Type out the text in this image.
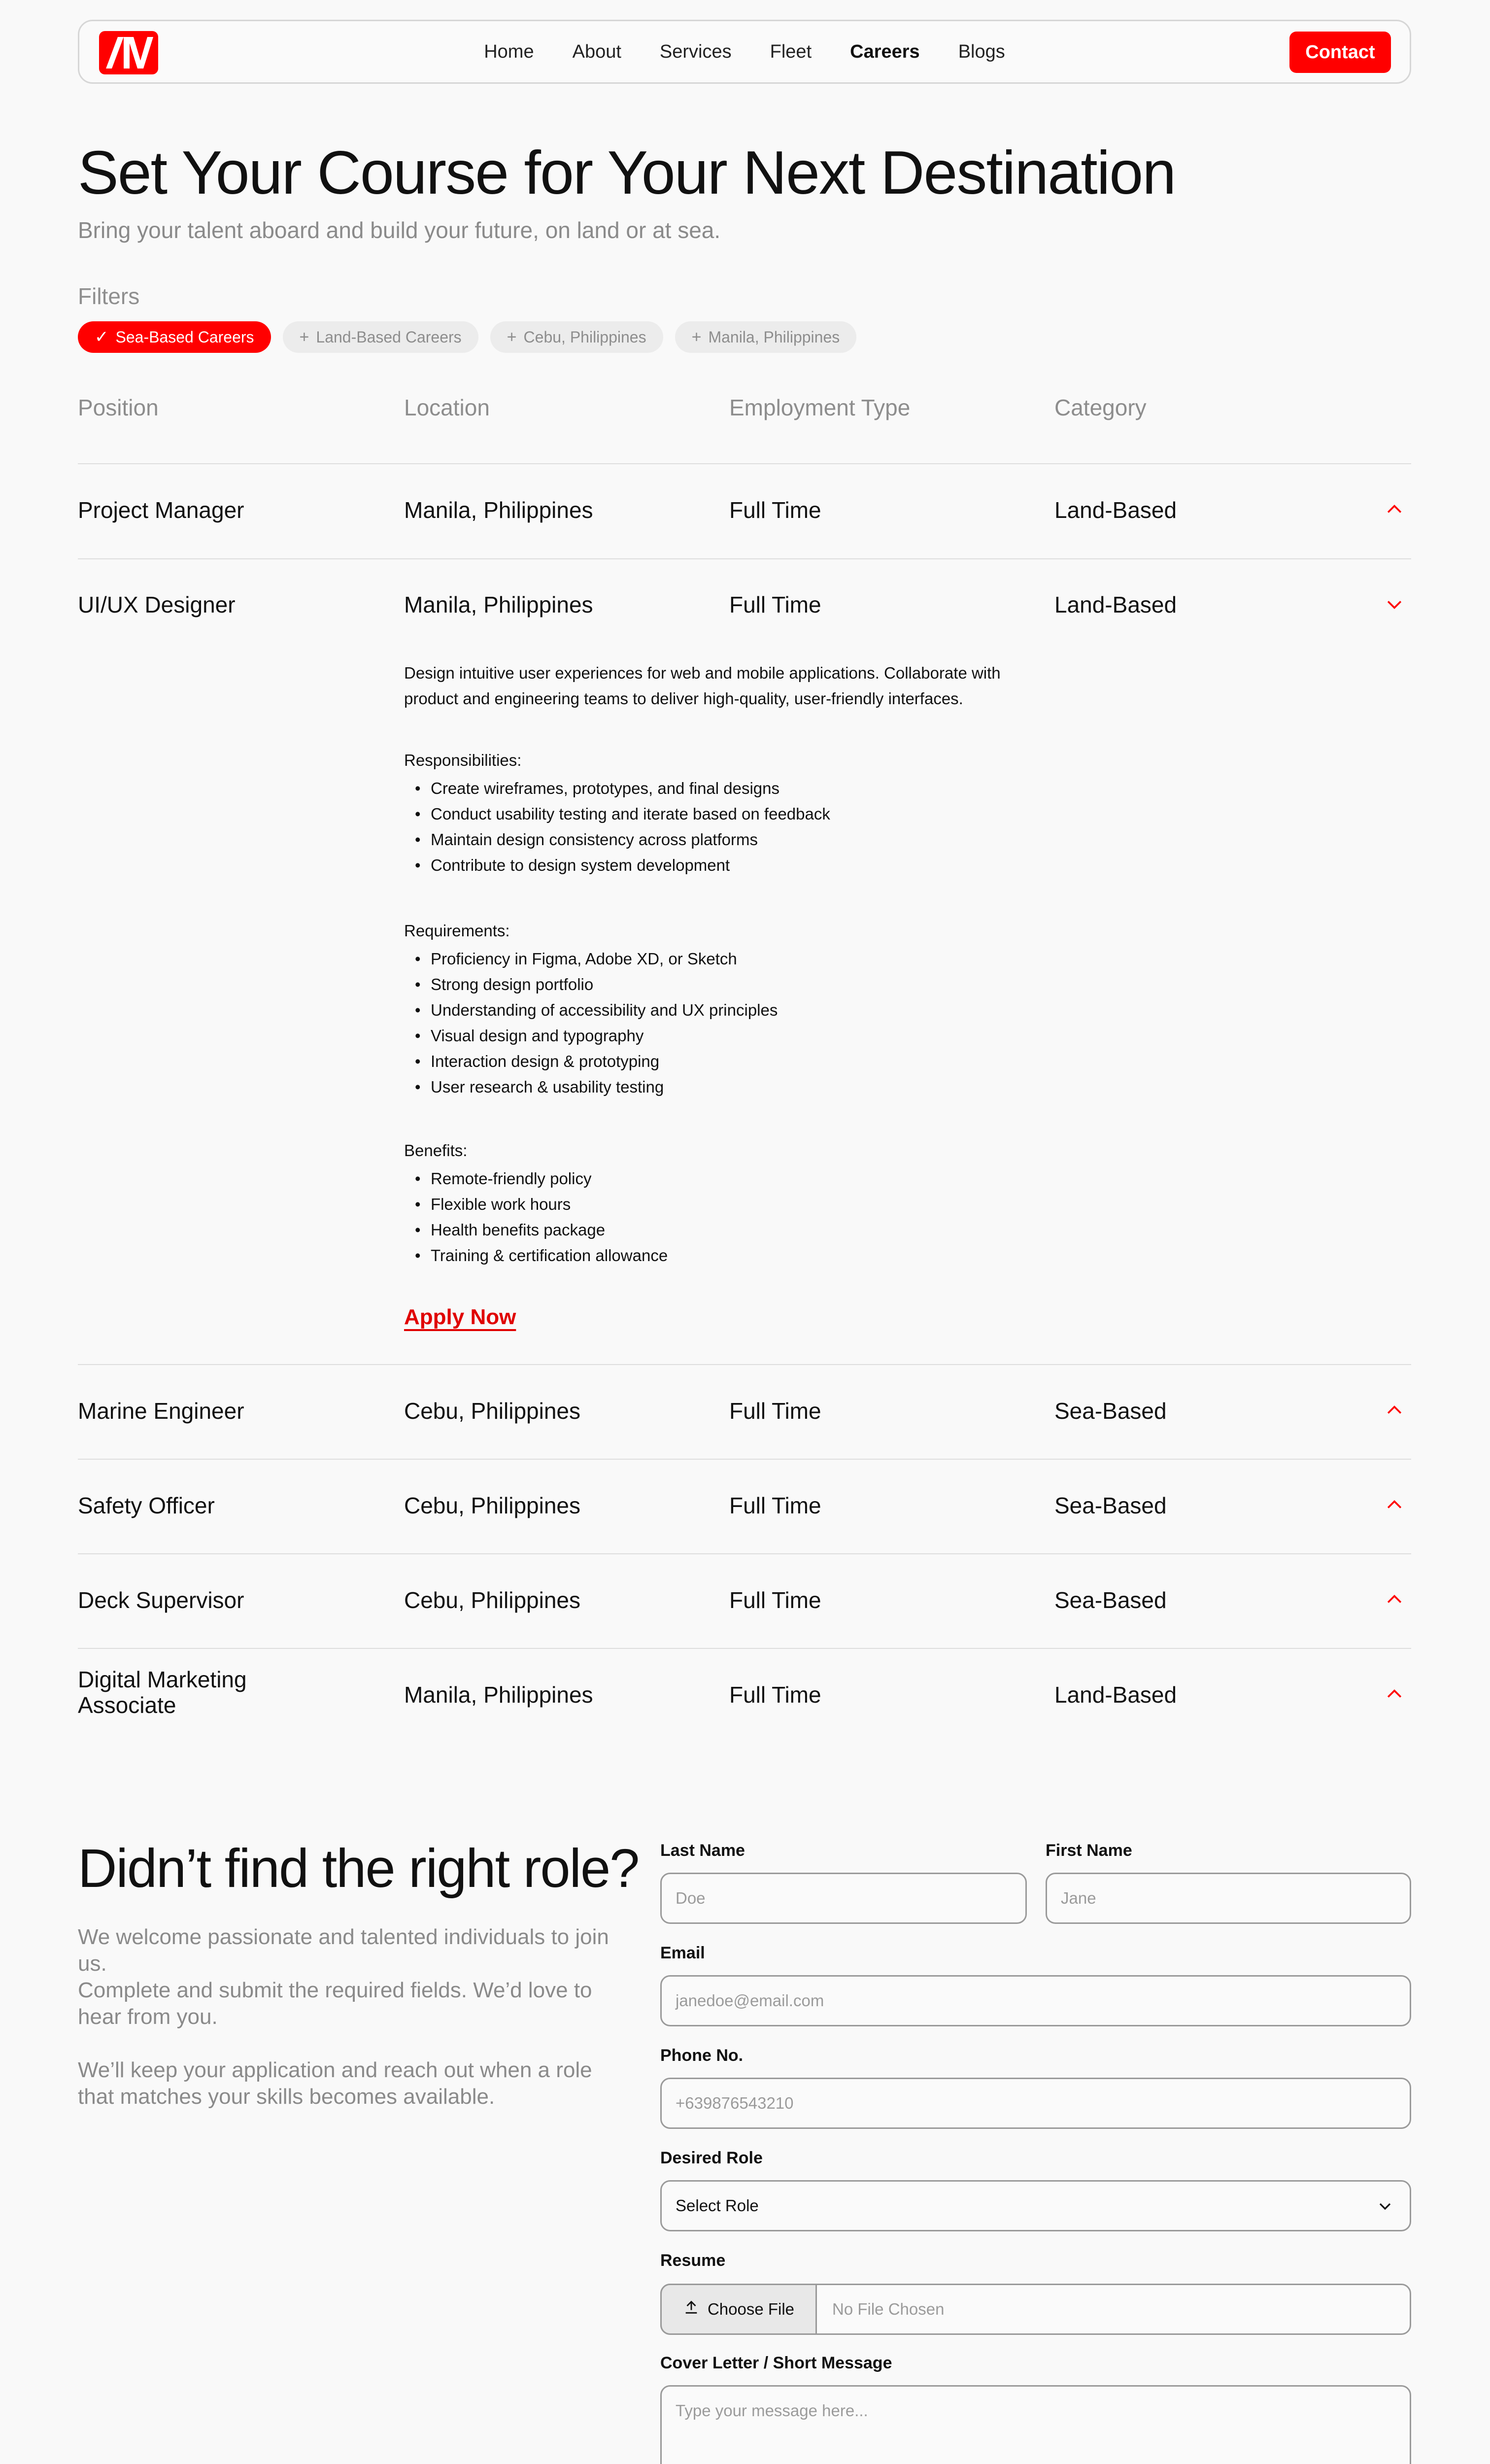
Home	About	Services	Fleet	Careers	Blogs	Contact
Set Your Course for Your Next Destination
Bring your talent aboard and build your future, on land or at sea.
Filters
✓ Sea-Based Careers	+ Land-Based Careers	+ Cebu, Philippines	+ Manila, Philippines
Position	Location	Employment Type	Category
Project Manager	Manila, Philippines	Full Time	Land-Based
UI/UX Designer	Manila, Philippines	Full Time	Land-Based
Design intuitive user experiences for web and mobile applications. Collaborate with product and engineering teams to deliver high-quality, user-friendly interfaces.
Responsibilities:
• Create wireframes, prototypes, and final designs
• Conduct usability testing and iterate based on feedback
• Maintain design consistency across platforms
• Contribute to design system development
Requirements:
• Proficiency in Figma, Adobe XD, or Sketch
• Strong design portfolio
• Understanding of accessibility and UX principles
• Visual design and typography
• Interaction design & prototyping
• User research & usability testing
Benefits:
• Remote-friendly policy
• Flexible work hours
• Health benefits package
• Training & certification allowance
Apply Now
Marine Engineer	Cebu, Philippines	Full Time	Sea-Based
Safety Officer	Cebu, Philippines	Full Time	Sea-Based
Deck Supervisor	Cebu, Philippines	Full Time	Sea-Based
Digital Marketing Associate	Manila, Philippines	Full Time	Land-Based
Didn’t find the right role?
We welcome passionate and talented individuals to join us.
Complete and submit the required fields. We’d love to hear from you.
We’ll keep your application and reach out when a role that matches your skills becomes available.
Last Name
Doe
First Name
Jane
Email
janedoe@email.com
Phone No.
+639876543210
Desired Role
Select Role
Resume
No File Chosen
Choose File
Cover Letter / Short Message
Type your message here...
